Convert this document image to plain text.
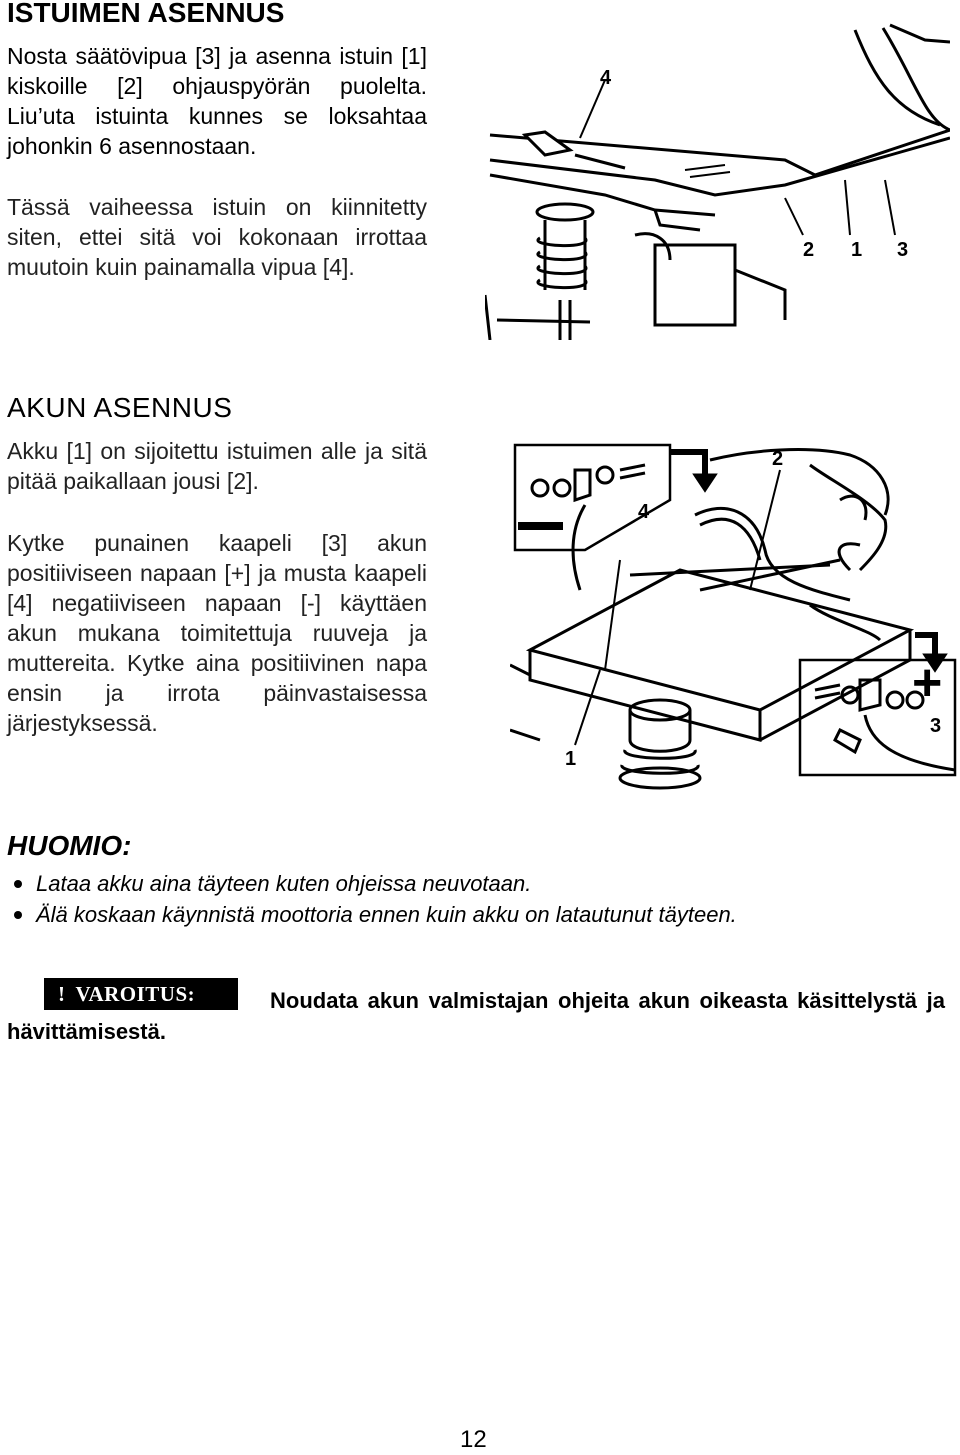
ISTUIMEN ASENNUS

Nosta säätövipua [3] ja asenna istuin [1] kiskoille [2] ohjauspyörän puolelta. Liu’uta istuinta kunnes se loksahtaa johonkin 6 asennostaan.

Tässä vaiheessa istuin on kiinnitetty siten, ettei sitä voi kokonaan irrottaa muutoin kuin painamalla vipua [4].

4
2 1 3
AKUN ASENNUS

Akku [1] on sijoitettu istuimen alle ja sitä pitää paikallaan jousi [2].

Kytke punainen kaapeli [3] akun positiiviseen napaan [+] ja musta kaapeli [4] negatiiviseen napaan [-] käyttäen akun mukana toimitettuja ruuveja ja muttereita. Kytke aina positiivinen napa ensin ja irrota päinvastaisessa järjestyksessä.

+
2
4
1
3
HUOMIO:
Lataa akku aina täyteen kuten ohjeissa neuvotaan.
Älä koskaan käynnistä moottoria ennen kuin akku on latautunut täyteen.
! VAROITUS:	Noudata akun valmistajan ohjeita akun oikeasta käsittelystä ja hävittämisestä.

12
